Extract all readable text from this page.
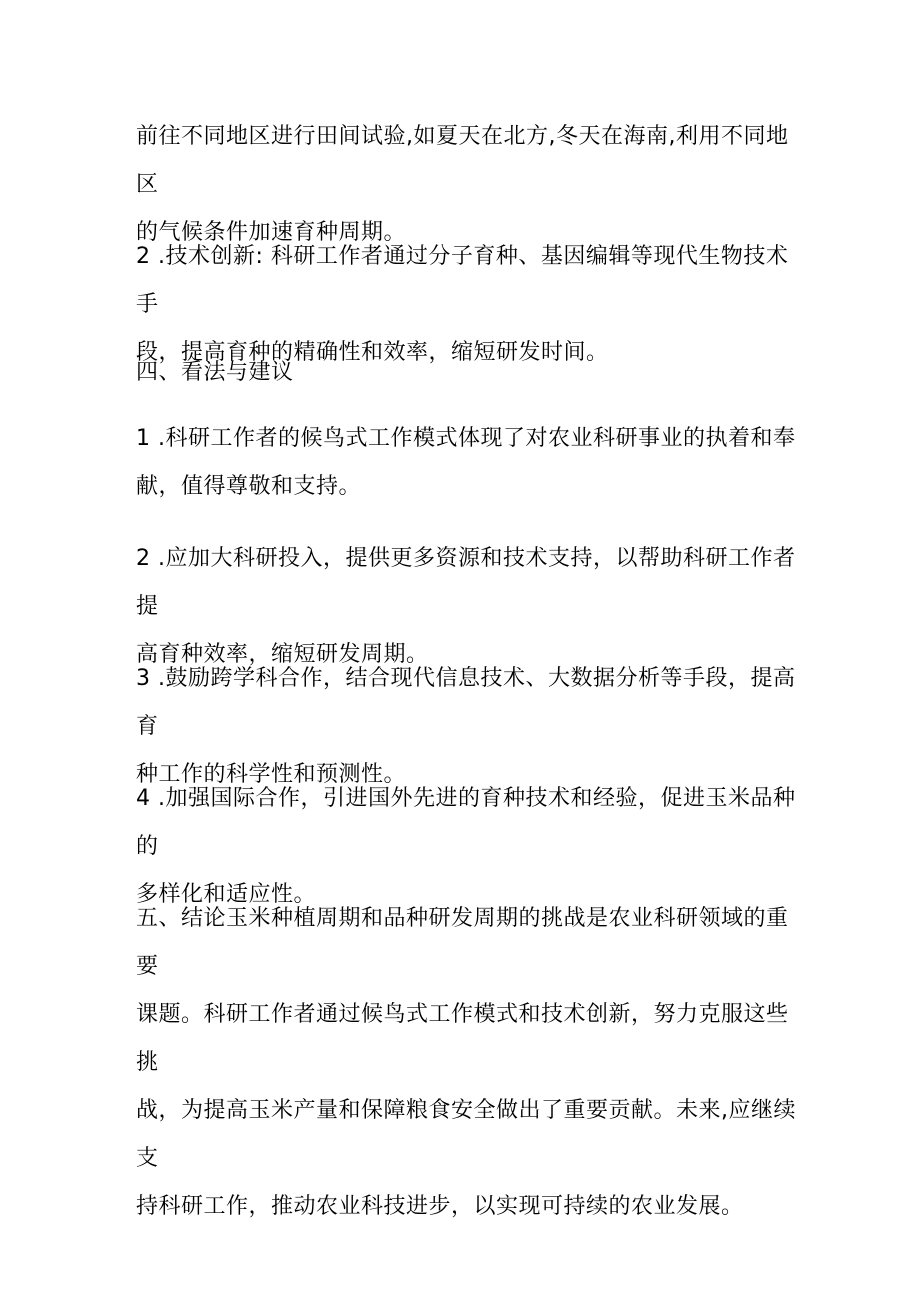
前往不同地区进行田间试验,如夏天在北方,冬天在海南,利用不同地区
的气候条件加速育种周期。

2 .技术创新: 科研工作者通过分子育种、基因编辑等现代生物技术手
段，提高育种的精确性和效率，缩短研发时间。

四、看法与建议

1 .科研工作者的候鸟式工作模式体现了对农业科研事业的执着和奉
献，值得尊敬和支持。

2 .应加大科研投入，提供更多资源和技术支持，以帮助科研工作者提
高育种效率，缩短研发周期。

3 .鼓励跨学科合作，结合现代信息技术、大数据分析等手段，提高育
种工作的科学性和预测性。

4 .加强国际合作，引进国外先进的育种技术和经验，促进玉米品种的
多样化和适应性。

五、结论玉米种植周期和品种研发周期的挑战是农业科研领域的重要
课题。科研工作者通过候鸟式工作模式和技术创新，努力克服这些挑
战，为提高玉米产量和保障粮食安全做出了重要贡献。未来,应继续支
持科研工作，推动农业科技进步，以实现可持续的农业发展。
